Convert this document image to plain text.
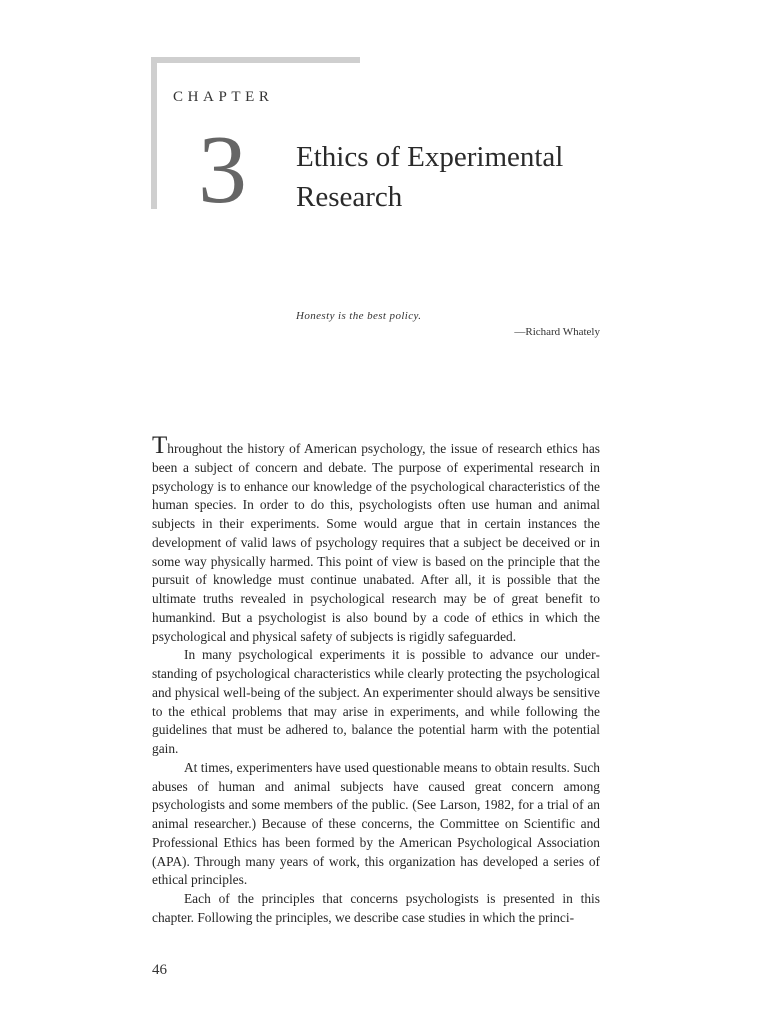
CHAPTER
3 Ethics of Experimental
Research
Honesty is the best policy.
—Richard Whately

Throughout the history of American psychology, the issue of research ethics has been a subject of concern and debate. The purpose of experimental research in psychology is to enhance our knowledge of the psychological characteristics of the human species. In order to do this, psychologists often use human and animal subjects in their experiments. Some would argue that in certain instances the development of valid laws of psychology requires that a subject be deceived or in some way physically harmed. This point of view is based on the principle that the pursuit of knowledge must continue unabated. After all, it is possible that the ultimate truths revealed in psychological research may be of great benefit to humankind. But a psychologist is also bound by a code of ethics in which the psychological and physical safety of subjects is rigidly safeguarded.

In many psychological experiments it is possible to advance our understanding of psychological characteristics while clearly protecting the psychological and physical well-being of the subject. An experimenter should always be sensitive to the ethical problems that may arise in experiments, and while following the guidelines that must be adhered to, balance the potential harm with the potential gain.

At times, experimenters have used questionable means to obtain results. Such abuses of human and animal subjects have caused great concern among psychologists and some members of the public. (See Larson, 1982, for a trial of an animal researcher.) Because of these concerns, the Committee on Scientific and Professional Ethics has been formed by the American Psychological Association (APA). Through many years of work, this organization has developed a series of ethical principles.

Each of the principles that concerns psychologists is presented in this chapter. Following the principles, we describe case studies in which the princi-

46
